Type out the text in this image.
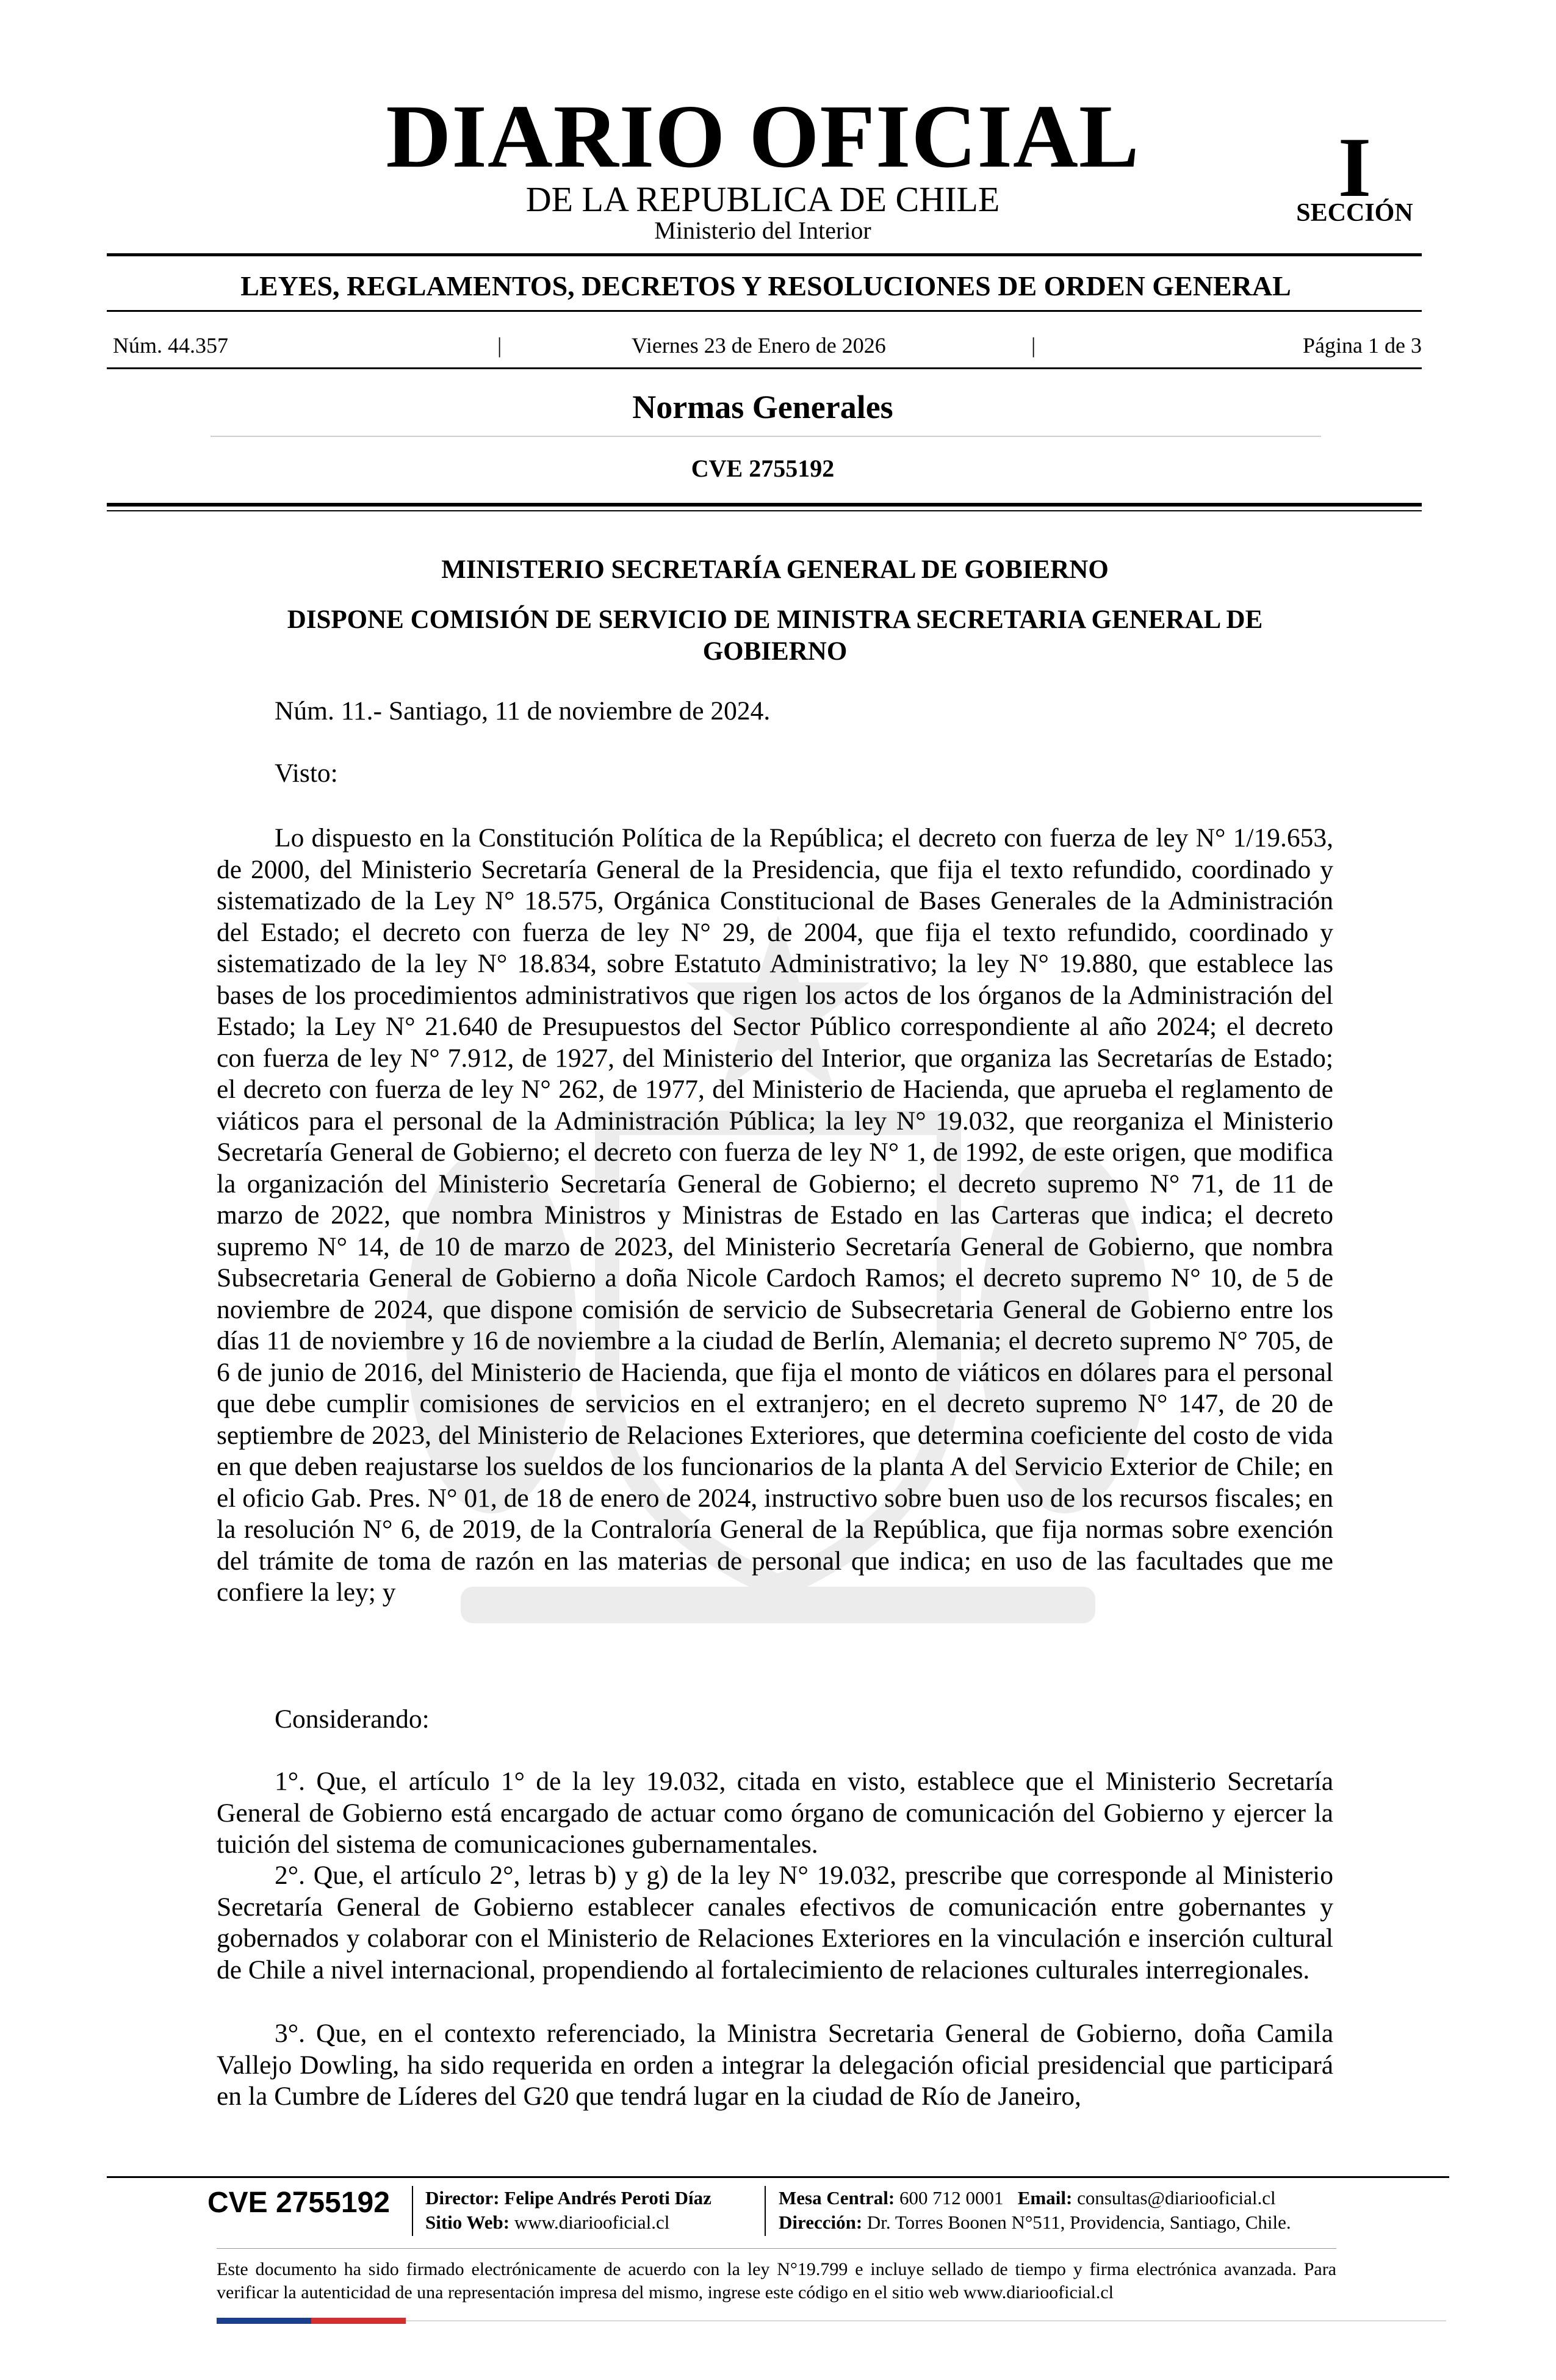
DIARIO OFICIAL
DE LA REPUBLICA DE CHILE
Ministerio del Interior
I
SECCIÓN
LEYES, REGLAMENTOS, DECRETOS Y RESOLUCIONES DE ORDEN GENERAL
Núm. 44.357	|	Viernes 23 de Enero de 2026	|	Página 1 de 3
Normas Generales
CVE 2755192
MINISTERIO SECRETARÍA GENERAL DE GOBIERNO
DISPONE COMISIÓN DE SERVICIO DE MINISTRA SECRETARIA GENERAL DE GOBIERNO
Núm. 11.- Santiago, 11 de noviembre de 2024.
Visto:
Lo dispuesto en la Constitución Política de la República; el decreto con fuerza de ley N° 1/19.653, de 2000, del Ministerio Secretaría General de la Presidencia, que fija el texto refundido, coordinado y sistematizado de la Ley N° 18.575, Orgánica Constitucional de Bases Generales de la Administración del Estado; el decreto con fuerza de ley N° 29, de 2004, que fija el texto refundido, coordinado y sistematizado de la ley N° 18.834, sobre Estatuto Administrativo; la ley N° 19.880, que establece las bases de los procedimientos administrativos que rigen los actos de los órganos de la Administración del Estado; la Ley N° 21.640 de Presupuestos del Sector Público correspondiente al año 2024; el decreto con fuerza de ley N° 7.912, de 1927, del Ministerio del Interior, que organiza las Secretarías de Estado; el decreto con fuerza de ley N° 262, de 1977, del Ministerio de Hacienda, que aprueba el reglamento de viáticos para el personal de la Administración Pública; la ley N° 19.032, que reorganiza el Ministerio Secretaría General de Gobierno; el decreto con fuerza de ley N° 1, de 1992, de este origen, que modifica la organización del Ministerio Secretaría General de Gobierno; el decreto supremo N° 71, de 11 de marzo de 2022, que nombra Ministros y Ministras de Estado en las Carteras que indica; el decreto supremo N° 14, de 10 de marzo de 2023, del Ministerio Secretaría General de Gobierno, que nombra Subsecretaria General de Gobierno a doña Nicole Cardoch Ramos; el decreto supremo N° 10, de 5 de noviembre de 2024, que dispone comisión de servicio de Subsecretaria General de Gobierno entre los días 11 de noviembre y 16 de noviembre a la ciudad de Berlín, Alemania; el decreto supremo N° 705, de 6 de junio de 2016, del Ministerio de Hacienda, que fija el monto de viáticos en dólares para el personal que debe cumplir comisiones de servicios en el extranjero; en el decreto supremo N° 147, de 20 de septiembre de 2023, del Ministerio de Relaciones Exteriores, que determina coeficiente del costo de vida en que deben reajustarse los sueldos de los funcionarios de la planta A del Servicio Exterior de Chile; en el oficio Gab. Pres. N° 01, de 18 de enero de 2024, instructivo sobre buen uso de los recursos fiscales; en la resolución N° 6, de 2019, de la Contraloría General de la República, que fija normas sobre exención del trámite de toma de razón en las materias de personal que indica; en uso de las facultades que me confiere la ley; y
Considerando:
1°. Que, el artículo 1° de la ley 19.032, citada en visto, establece que el Ministerio Secretaría General de Gobierno está encargado de actuar como órgano de comunicación del Gobierno y ejercer la tuición del sistema de comunicaciones gubernamentales.
2°. Que, el artículo 2°, letras b) y g) de la ley N° 19.032, prescribe que corresponde al Ministerio Secretaría General de Gobierno establecer canales efectivos de comunicación entre gobernantes y gobernados y colaborar con el Ministerio de Relaciones Exteriores en la vinculación e inserción cultural de Chile a nivel internacional, propendiendo al fortalecimiento de relaciones culturales interregionales.
3°. Que, en el contexto referenciado, la Ministra Secretaria General de Gobierno, doña Camila Vallejo Dowling, ha sido requerida en orden a integrar la delegación oficial presidencial que participará en la Cumbre de Líderes del G20 que tendrá lugar en la ciudad de Río de Janeiro,
CVE 2755192 Director: Felipe Andrés Peroti Díaz
Sitio Web: www.diariooficial.cl
Mesa Central: 600 712 0001 Email: consultas@diariooficial.cl
Dirección: Dr. Torres Boonen N°511, Providencia, Santiago, Chile.
Este documento ha sido firmado electrónicamente de acuerdo con la ley N°19.799 e incluye sellado de tiempo y firma electrónica avanzada. Para verificar la autenticidad de una representación impresa del mismo, ingrese este código en el sitio web www.diariooficial.cl
